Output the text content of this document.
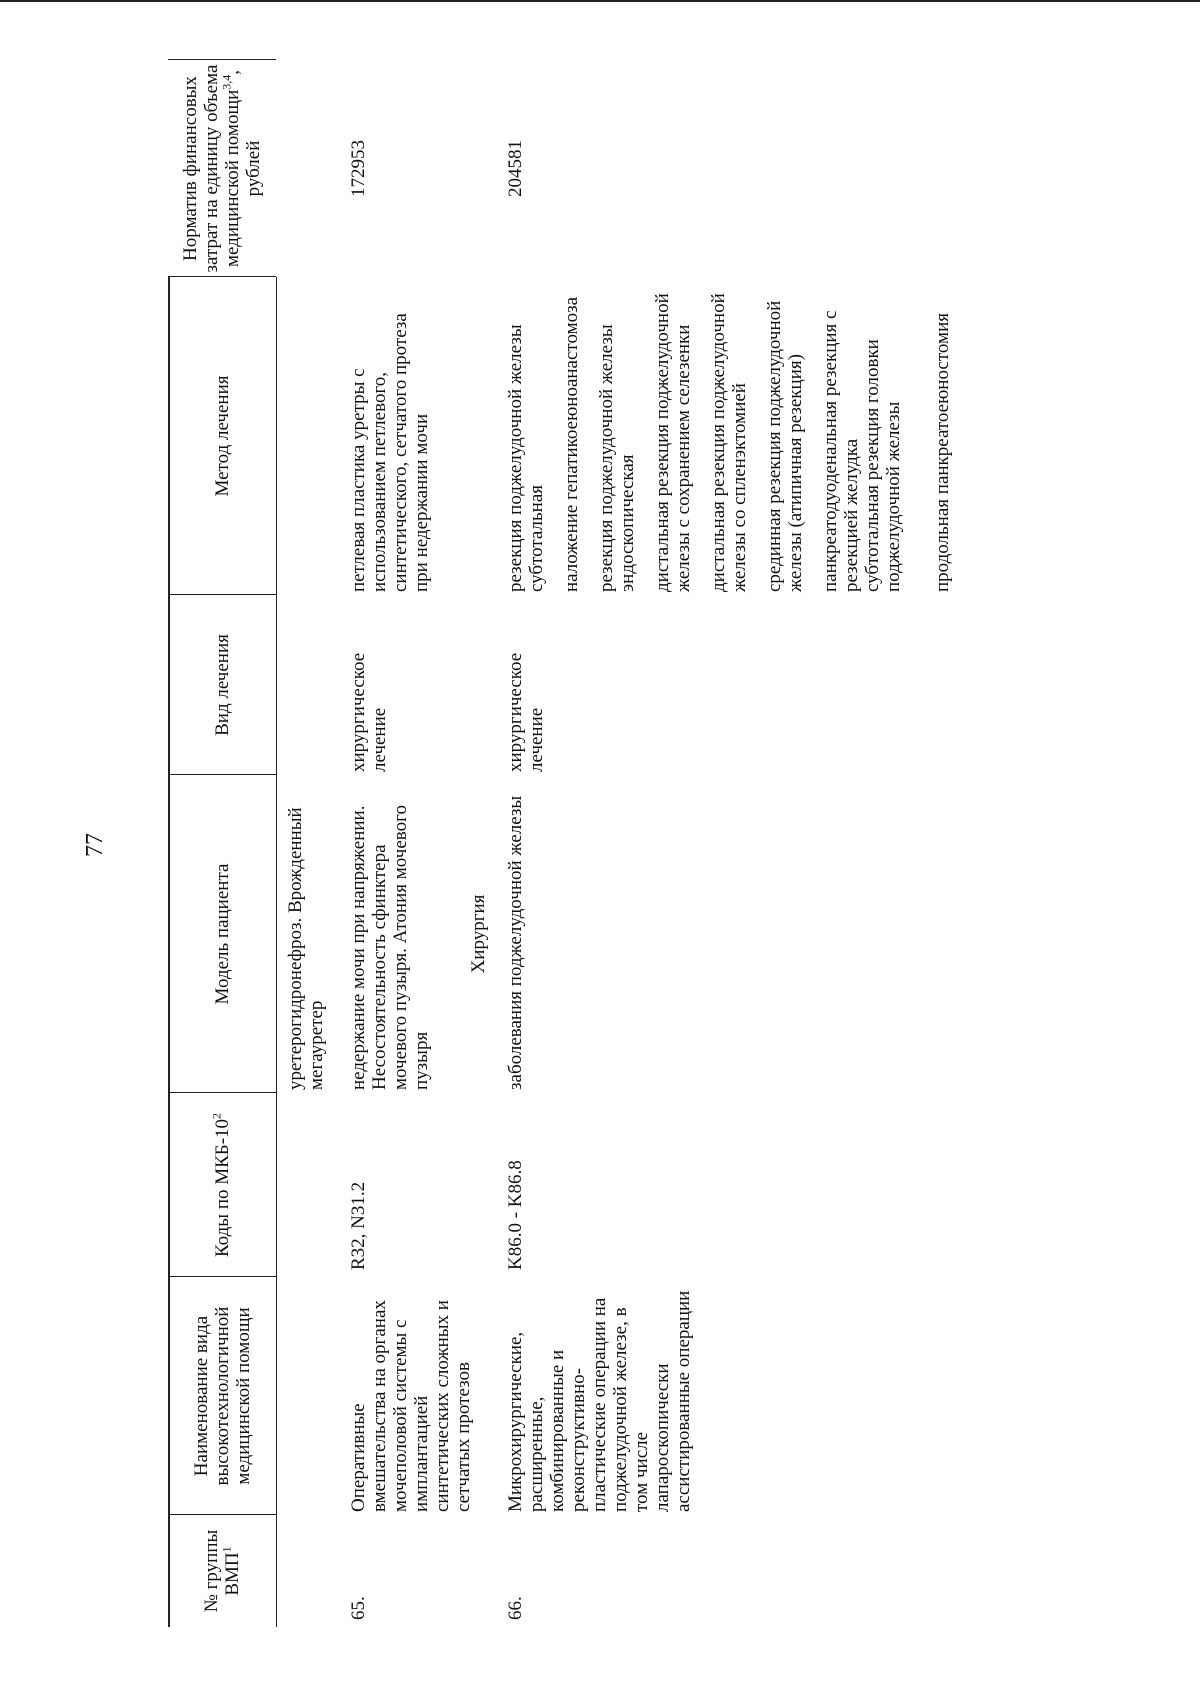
77
№ группы ВМП$^1$
Наименование вида высокотехнологичной медицинской помощи
Коды по МКБ-$10^2$
Модель пациента
Вид лечения
Метод лечения
Норматив финансовых затрат на единицу объема медицинской помощи$^{3,4}$, рублей
уретерогидронефроз. Врожденный мегауретер
65.
Оперативные вмешательства на органах мочеполовой системы с имплантацией синтетических сложных и сетчатых протезов
R32, N31.2
недержание мочи при напряжении. Несостоятельность сфинктера мочевого пузыря. Атония мочевого пузыря
хирургическое лечение
петлевая пластика уретры с использованием петлевого, синтетического, сетчатого протеза при недержании мочи
172953
Хирургия
66.
Микрохирургические, расширенные, комбинированные и реконструктивно-пластические операции на поджелудочной железе, в том числе лапароскопически ассистированные операции
K86.0 - K86.8
заболевания поджелудочной железы
хирургическое лечение
резекция поджелудочной железы субтотальная наложение гепатикоеюноанастомоза резекция поджелудочной железы эндоскопическая дистальная резекция поджелудочной железы с сохранением селезенки дистальная резекция поджелудочной железы со спленэктомией срединная резекция поджелудочной железы (атипичная резекция) панкреатодуоденальная резекция с резекцией желудка субтотальная резекция головки поджелудочной железы продольная панкреатоеюностомия
204581
